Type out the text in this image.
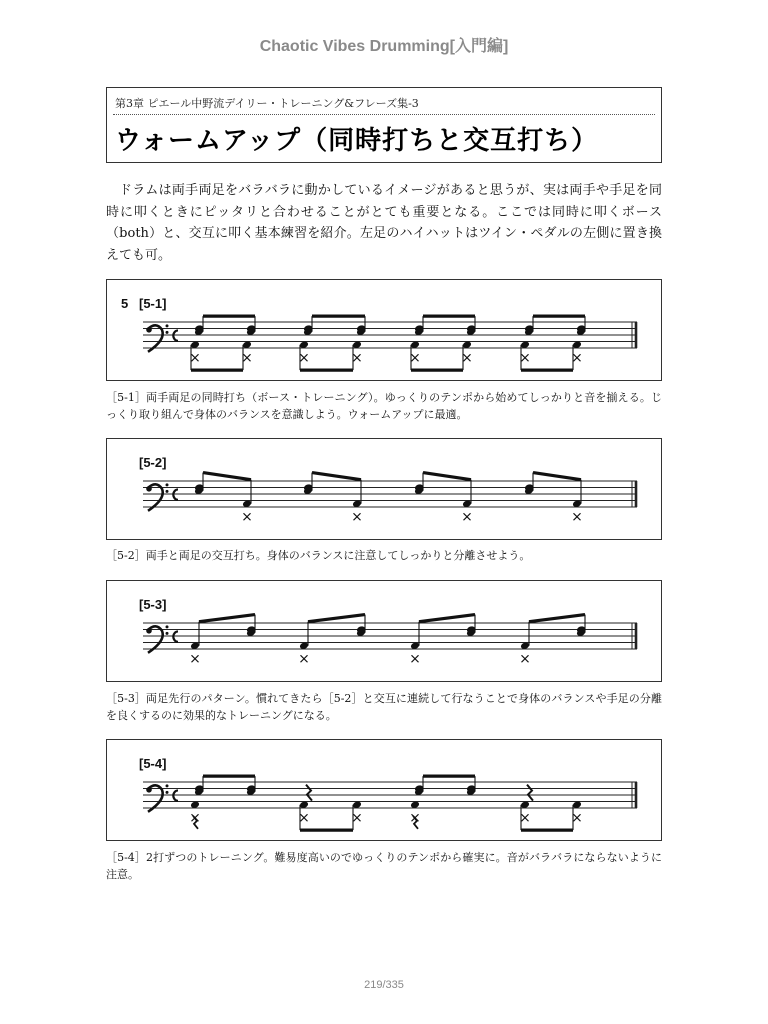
Chaotic Vibes Drumming[入門編]
第3章 ピエール中野流デイリー・トレーニング&フレーズ集-3
ウォームアップ（同時打ちと交互打ち）

ドラムは両手両足をバラバラに動かしているイメージがあると思うが、実は両手や手足を同時に叩くときにピッタリと合わせることがとても重要となる。ここでは同時に叩くボース（both）と、交互に叩く基本練習を紹介。左足のハイハットはツイン・ペダルの左側に置き換えても可。

5 [5-1]

［5-1］両手両足の同時打ち（ボース・トレーニング）。ゆっくりのテンポから始めてしっかりと音を揃える。じっくり取り組んで身体のバランスを意識しよう。ウォームアップに最適。

[5-2]

［5-2］両手と両足の交互打ち。身体のバランスに注意してしっかりと分離させよう。

[5-3]

［5-3］両足先行のパターン。慣れてきたら［5-2］と交互に連続して行なうことで身体のバランスや手足の分離を良くするのに効果的なトレーニングになる。

[5-4]

［5-4］2打ずつのトレーニング。難易度高いのでゆっくりのテンポから確実に。音がバラバラにならないように注意。

219/335
